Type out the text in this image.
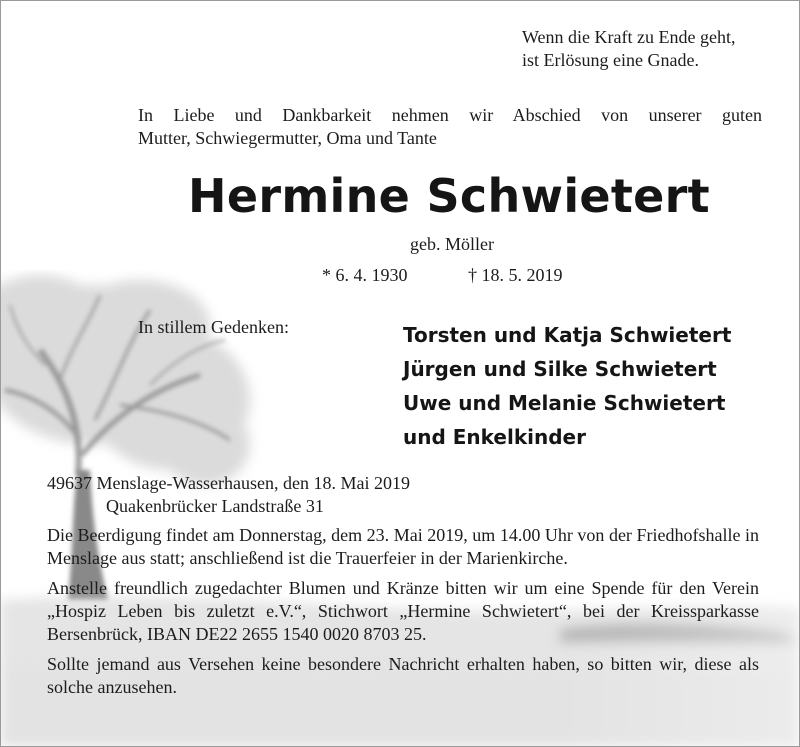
Wenn die Kraft zu Ende geht,
ist Erlösung eine Gnade.
In Liebe und Dankbarkeit nehmen wir Abschied von unserer guten
Mutter, Schwiegermutter, Oma und Tante
Hermine Schwietert
geb. Möller
* 6. 4. 1930	† 18. 5. 2019
In stillem Gedenken:	Torsten und Katja Schwietert
Jürgen und Silke Schwietert
Uwe und Melanie Schwietert
und Enkelkinder
49637 Menslage-Wasserhausen, den 18. Mai 2019
Quakenbrücker Landstraße 31

Die Beerdigung findet am Donnerstag, dem 23. Mai 2019, um 14.00 Uhr von der Friedhofshalle in Menslage aus statt; anschließend ist die Trauerfeier in der Marienkirche.

Anstelle freundlich zugedachter Blumen und Kränze bitten wir um eine Spende für den Verein „Hospiz Leben bis zuletzt e.V.“, Stichwort „Hermine Schwietert“, bei der Kreissparkasse Bersenbrück, IBAN DE22 2655 1540 0020 8703 25.

Sollte jemand aus Versehen keine besondere Nachricht erhalten haben, so bitten wir, diese als solche anzusehen.
